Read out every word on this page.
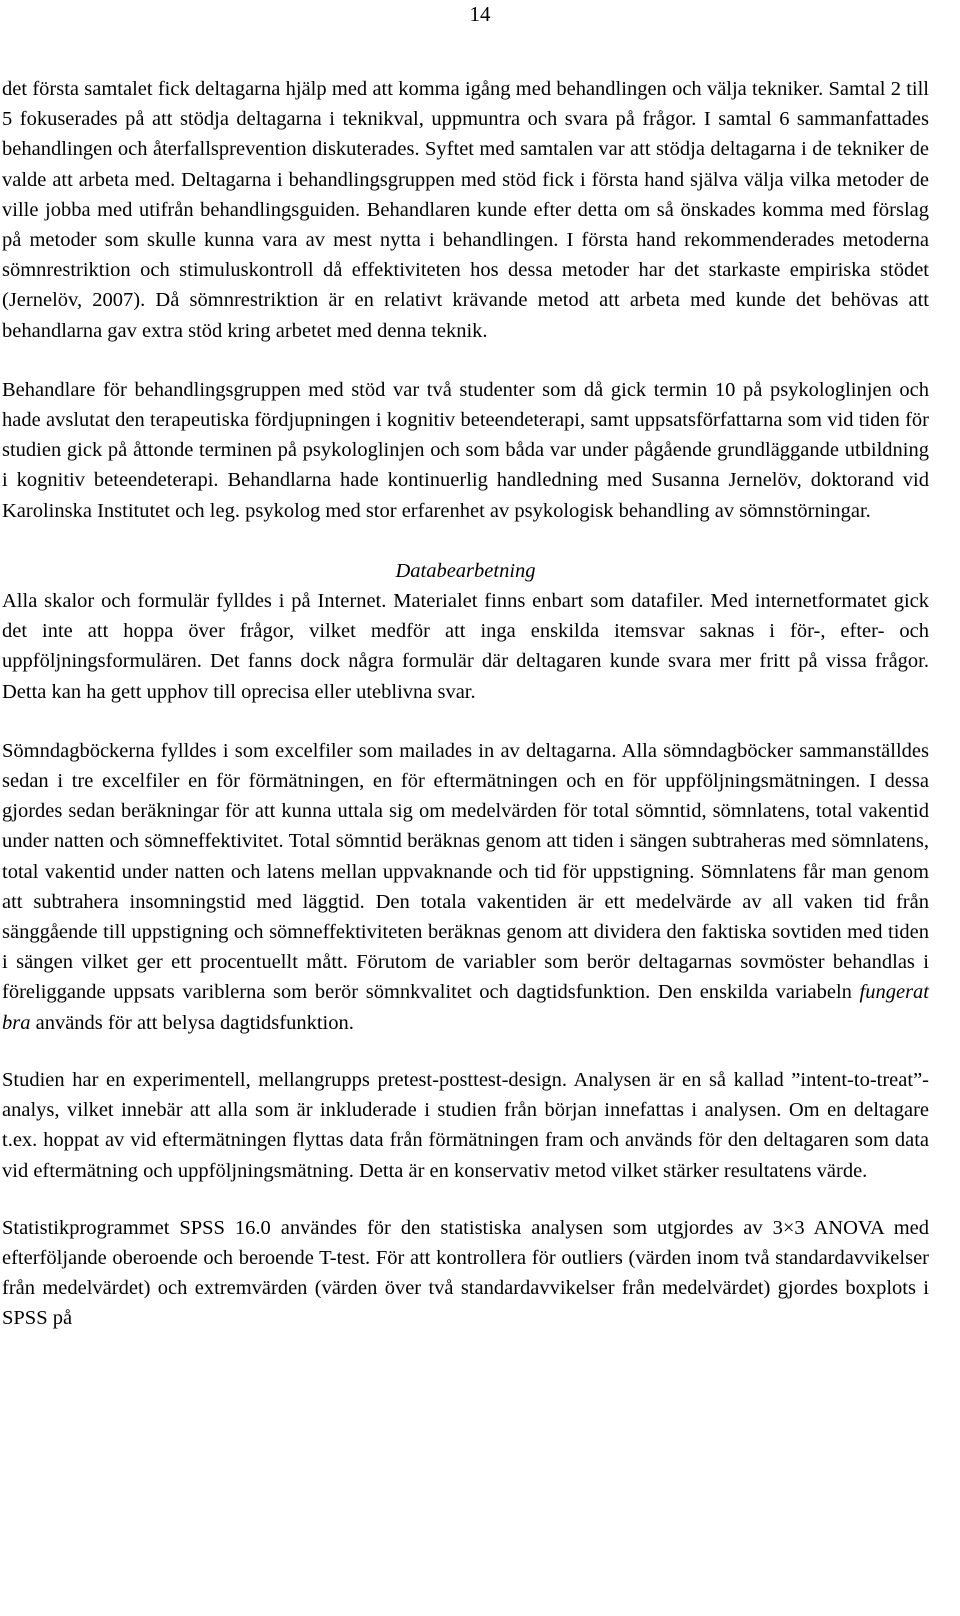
14

det första samtalet fick deltagarna hjälp med att komma igång med behandlingen och välja tekniker. Samtal 2 till 5 fokuserades på att stödja deltagarna i teknikval, uppmuntra och svara på frågor. I samtal 6 sammanfattades behandlingen och återfallsprevention diskuterades. Syftet med samtalen var att stödja deltagarna i de tekniker de valde att arbeta med. Deltagarna i behandlingsgruppen med stöd fick i första hand själva välja vilka metoder de ville jobba med utifrån behandlingsguiden. Behandlaren kunde efter detta om så önskades komma med förslag på metoder som skulle kunna vara av mest nytta i behandlingen. I första hand rekommenderades metoderna sömnrestriktion och stimuluskontroll då effektiviteten hos dessa metoder har det starkaste empiriska stödet (Jernelöv, 2007). Då sömnrestriktion är en relativt krävande metod att arbeta med kunde det behövas att behandlarna gav extra stöd kring arbetet med denna teknik.

Behandlare för behandlingsgruppen med stöd var två studenter som då gick termin 10 på psykologlinjen och hade avslutat den terapeutiska fördjupningen i kognitiv beteendeterapi, samt uppsatsförfattarna som vid tiden för studien gick på åttonde terminen på psykologlinjen och som båda var under pågående grundläggande utbildning i kognitiv beteendeterapi. Behandlarna hade kontinuerlig handledning med Susanna Jernelöv, doktorand vid Karolinska Institutet och leg. psykolog med stor erfarenhet av psykologisk behandling av sömnstörningar.

Databearbetning

Alla skalor och formulär fylldes i på Internet. Materialet finns enbart som datafiler. Med internetformatet gick det inte att hoppa över frågor, vilket medför att inga enskilda itemsvar saknas i för-, efter- och uppföljningsformulären. Det fanns dock några formulär där deltagaren kunde svara mer fritt på vissa frågor. Detta kan ha gett upphov till oprecisa eller uteblivna svar.

Sömndagböckerna fylldes i som excelfiler som mailades in av deltagarna. Alla sömndagböcker sammanställdes sedan i tre excelfiler en för förmätningen, en för eftermätningen och en för uppföljningsmätningen. I dessa gjordes sedan beräkningar för att kunna uttala sig om medelvärden för total sömntid, sömnlatens, total vakentid under natten och sömneffektivitet. Total sömntid beräknas genom att tiden i sängen subtraheras med sömnlatens, total vakentid under natten och latens mellan uppvaknande och tid för uppstigning. Sömnlatens får man genom att subtrahera insomningstid med läggtid. Den totala vakentiden är ett medelvärde av all vaken tid från sänggående till uppstigning och sömneffektiviteten beräknas genom att dividera den faktiska sovtiden med tiden i sängen vilket ger ett procentuellt mått. Förutom de variabler som berör deltagarnas sovmöster behandlas i föreliggande uppsats variblerna som berör sömnkvalitet och dagtidsfunktion. Den enskilda variabeln fungerat bra används för att belysa dagtidsfunktion.

Studien har en experimentell, mellangrupps pretest-posttest-design. Analysen är en så kallad ”intent-to-treat”- analys, vilket innebär att alla som är inkluderade i studien från början innefattas i analysen. Om en deltagare t.ex. hoppat av vid eftermätningen flyttas data från förmätningen fram och används för den deltagaren som data vid eftermätning och uppföljningsmätning. Detta är en konservativ metod vilket stärker resultatens värde.

Statistikprogrammet SPSS 16.0 användes för den statistiska analysen som utgjordes av 3×3 ANOVA med efterföljande oberoende och beroende T-test. För att kontrollera för outliers (värden inom två standardavvikelser från medelvärdet) och extremvärden (värden över två standardavvikelser från medelvärdet) gjordes boxplots i SPSS på
